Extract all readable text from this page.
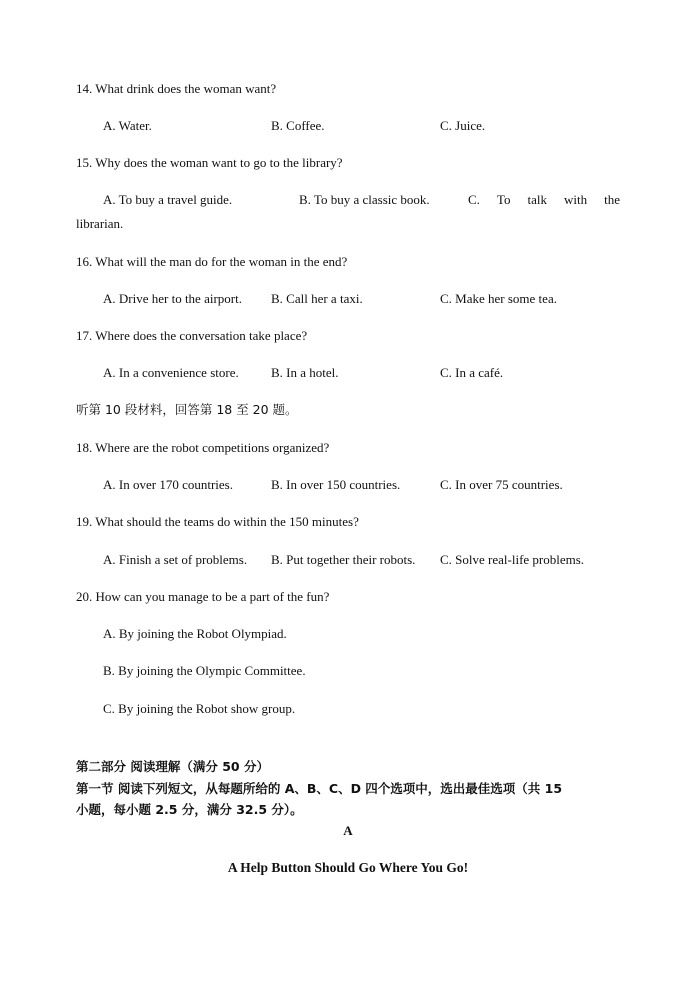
14. What drink does the woman want?
A. Water.	B. Coffee.	C. Juice.
15. Why does the woman want to go to the library?
A. To buy a travel guide.	B. To buy a classic book.	C. To talk with the
librarian.
16. What will the man do for the woman in the end?
A. Drive her to the airport. B. Call her a taxi.	C. Make her some tea.
17. Where does the conversation take place?
A. In a convenience store. B. In a hotel.	C. In a café.
听第 10 段材料，回答第 18 至 20 题。
18. Where are the robot competitions organized?
A. In over 170 countries.	B. In over 150 countries.	C. In over 75 countries.
19. What should the teams do within the 150 minutes?
A. Finish a set of problems. B. Put together their robots. C. Solve real-life problems.
20. How can you manage to be a part of the fun?
A. By joining the Robot Olympiad.
B. By joining the Olympic Committee.
C. By joining the Robot show group.
第二部分 阅读理解（满分 50 分）
第一节 阅读下列短文，从每题所给的 A、B、C、D 四个选项中，选出最佳选项（共 15
小题，每小题 2.5 分，满分 32.5 分）。
A
A Help Button Should Go Where You Go!
